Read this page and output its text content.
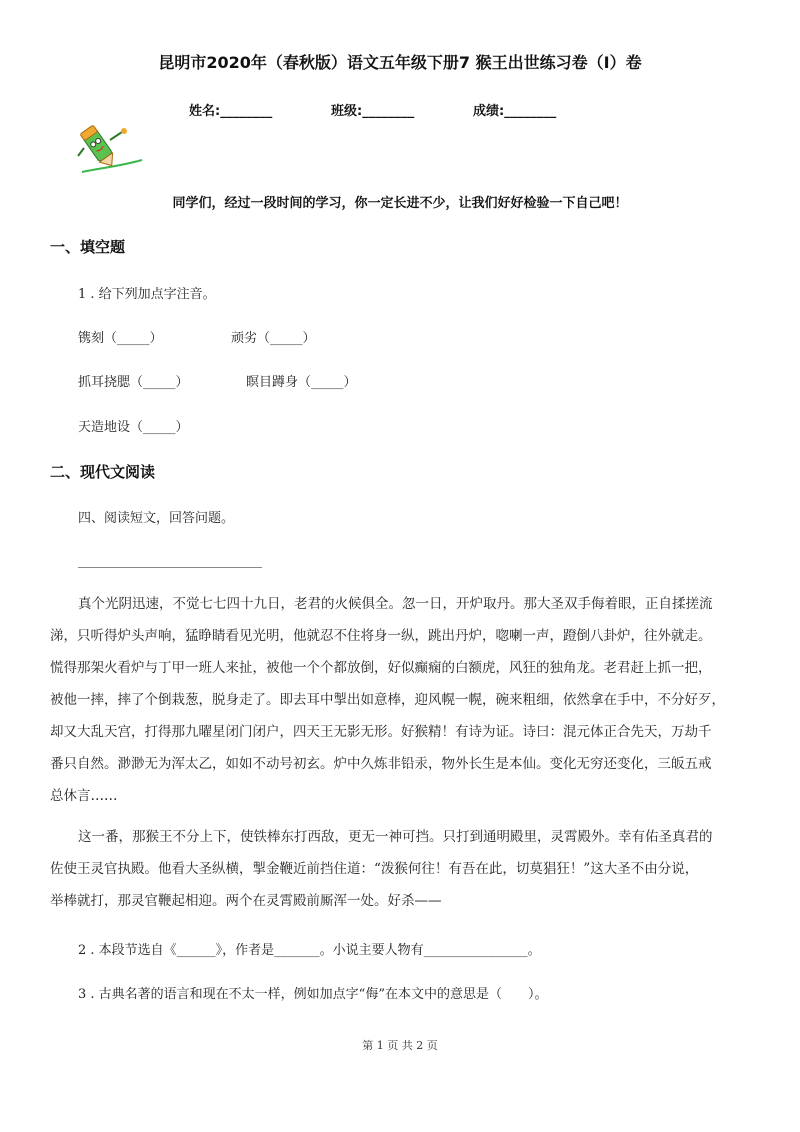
昆明市2020年（春秋版）语文五年级下册7 猴王出世练习卷（I）卷
姓名:________	班级:________	成绩:________
同学们，经过一段时间的学习，你一定长进不少，让我们好好检验一下自己吧！
一、填空题
1 . 给下列加点字注音。
镌刻（_____）	顽劣（_____）
抓耳挠腮（_____）	瞑目蹲身（_____）
天造地设（_____）
二、现代文阅读
四、阅读短文，回答问题。
真个光阴迅速，不觉七七四十九日，老君的火候俱全。忽一日，开炉取丹。那大圣双手侮着眼，正自揉搓流
涕，只听得炉头声响，猛睁睛看见光明，他就忍不住将身一纵，跳出丹炉，唿喇一声，蹬倒八卦炉，往外就走。
慌得那架火看炉与丁甲一班人来扯，被他一个个都放倒，好似癫痫的白额虎，风狂的独角龙。老君赶上抓一把，
被他一摔，摔了个倒栽葱，脱身走了。即去耳中掣出如意棒，迎风幌一幌，碗来粗细，依然拿在手中，不分好歹，
却又大乱天宫，打得那九曜星闭门闭户，四天王无影无形。好猴精！有诗为证。诗曰：混元体正合先天，万劫千
番只自然。渺渺无为浑太乙，如如不动号初玄。炉中久炼非铅汞，物外长生是本仙。变化无穷还变化，三皈五戒
总休言……
这一番，那猴王不分上下，使铁棒东打西敌，更无一神可挡。只打到通明殿里，灵霄殿外。幸有佑圣真君的
佐使王灵官执殿。他看大圣纵横，掣金鞭近前挡住道：“泼猴何往！有吾在此，切莫猖狂！”这大圣不由分说，
举棒就打，那灵官鞭起相迎。两个在灵霄殿前厮浑一处。好杀——
2 . 本段节选自《______》，作者是_______。小说主要人物有________________。
3 . 古典名著的语言和现在不太一样，例如加点字“侮”在本文中的意思是（　　）。
第 1 页 共 2 页
